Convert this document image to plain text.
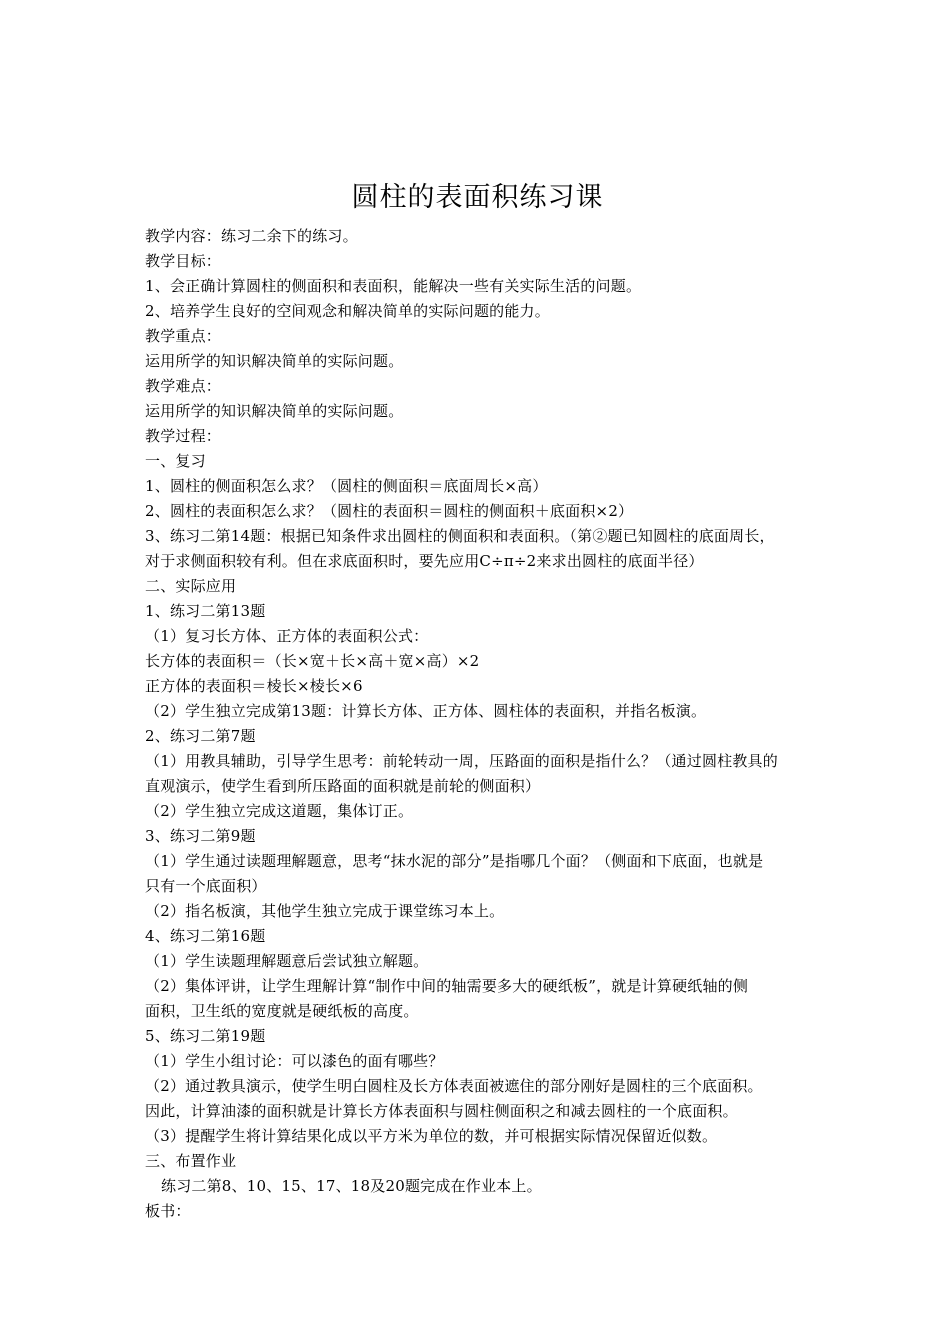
圆柱的表面积练习课
教学内容：练习二余下的练习。
教学目标：
1、会正确计算圆柱的侧面积和表面积，能解决一些有关实际生活的问题。
2、培养学生良好的空间观念和解决简单的实际问题的能力。
教学重点：
运用所学的知识解决简单的实际问题。
教学难点：
运用所学的知识解决简单的实际问题。
教学过程：
一、复习
1、圆柱的侧面积怎么求？（圆柱的侧面积＝底面周长×高）
2、圆柱的表面积怎么求？（圆柱的表面积＝圆柱的侧面积＋底面积×2）
3、练习二第14题：根据已知条件求出圆柱的侧面积和表面积。（第②题已知圆柱的底面周长，
对于求侧面积较有利。但在求底面积时，要先应用C÷π÷2来求出圆柱的底面半径）
二、实际应用
1、练习二第13题
（1）复习长方体、正方体的表面积公式：
长方体的表面积＝（长×宽＋长×高＋宽×高）×2
正方体的表面积＝棱长×棱长×6
（2）学生独立完成第13题：计算长方体、正方体、圆柱体的表面积，并指名板演。
2、练习二第7题
（1）用教具辅助，引导学生思考：前轮转动一周，压路面的面积是指什么？（通过圆柱教具的
直观演示，使学生看到所压路面的面积就是前轮的侧面积）
（2）学生独立完成这道题，集体订正。
3、练习二第9题
（1）学生通过读题理解题意，思考“抹水泥的部分”是指哪几个面？（侧面和下底面，也就是
只有一个底面积）
（2）指名板演，其他学生独立完成于课堂练习本上。
4、练习二第16题
（1）学生读题理解题意后尝试独立解题。
（2）集体评讲，让学生理解计算“制作中间的轴需要多大的硬纸板”，就是计算硬纸轴的侧
面积，卫生纸的宽度就是硬纸板的高度。
5、练习二第19题
（1）学生小组讨论：可以漆色的面有哪些？
（2）通过教具演示，使学生明白圆柱及长方体表面被遮住的部分刚好是圆柱的三个底面积。
因此，计算油漆的面积就是计算长方体表面积与圆柱侧面积之和减去圆柱的一个底面积。
（3）提醒学生将计算结果化成以平方米为单位的数，并可根据实际情况保留近似数。
三、布置作业
练习二第8、10、15、17、18及20题完成在作业本上。
板书：
